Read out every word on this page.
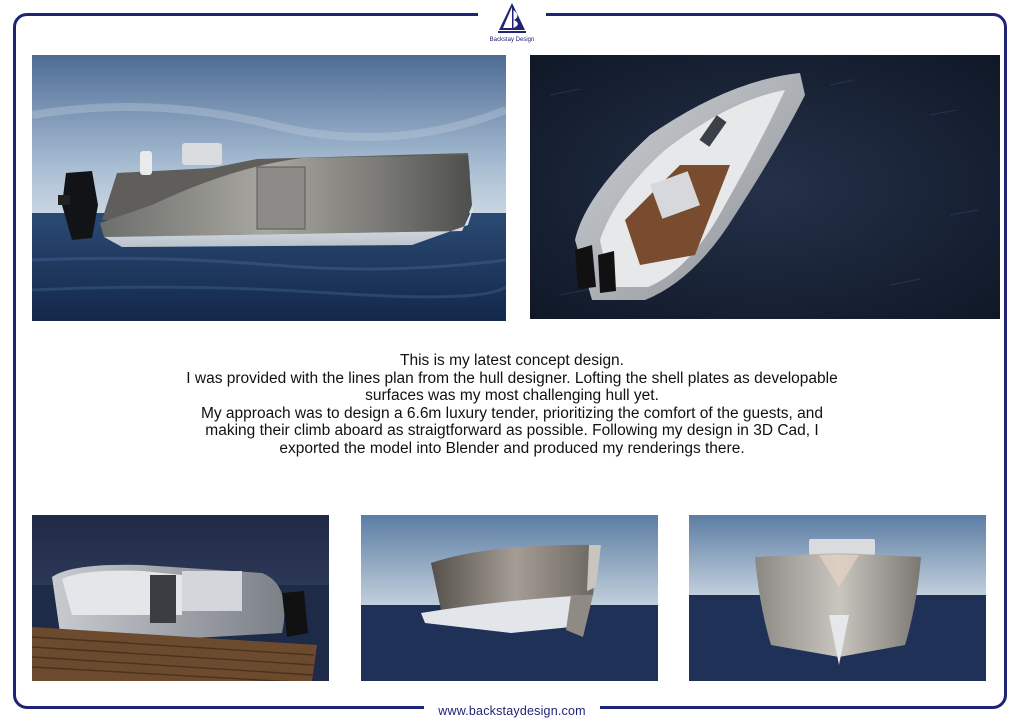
Backstay Design

This is my latest concept design.

I was provided with the lines plan from the hull designer. Lofting the shell plates as developable surfaces was my most challenging hull yet.

My approach was to design a 6.6m luxury tender, prioritizing the comfort of the guests, and making their climb aboard as straigtforward as possible. Following my design in 3D Cad, I exported the model into Blender and produced my renderings there.

www.backstaydesign.com
